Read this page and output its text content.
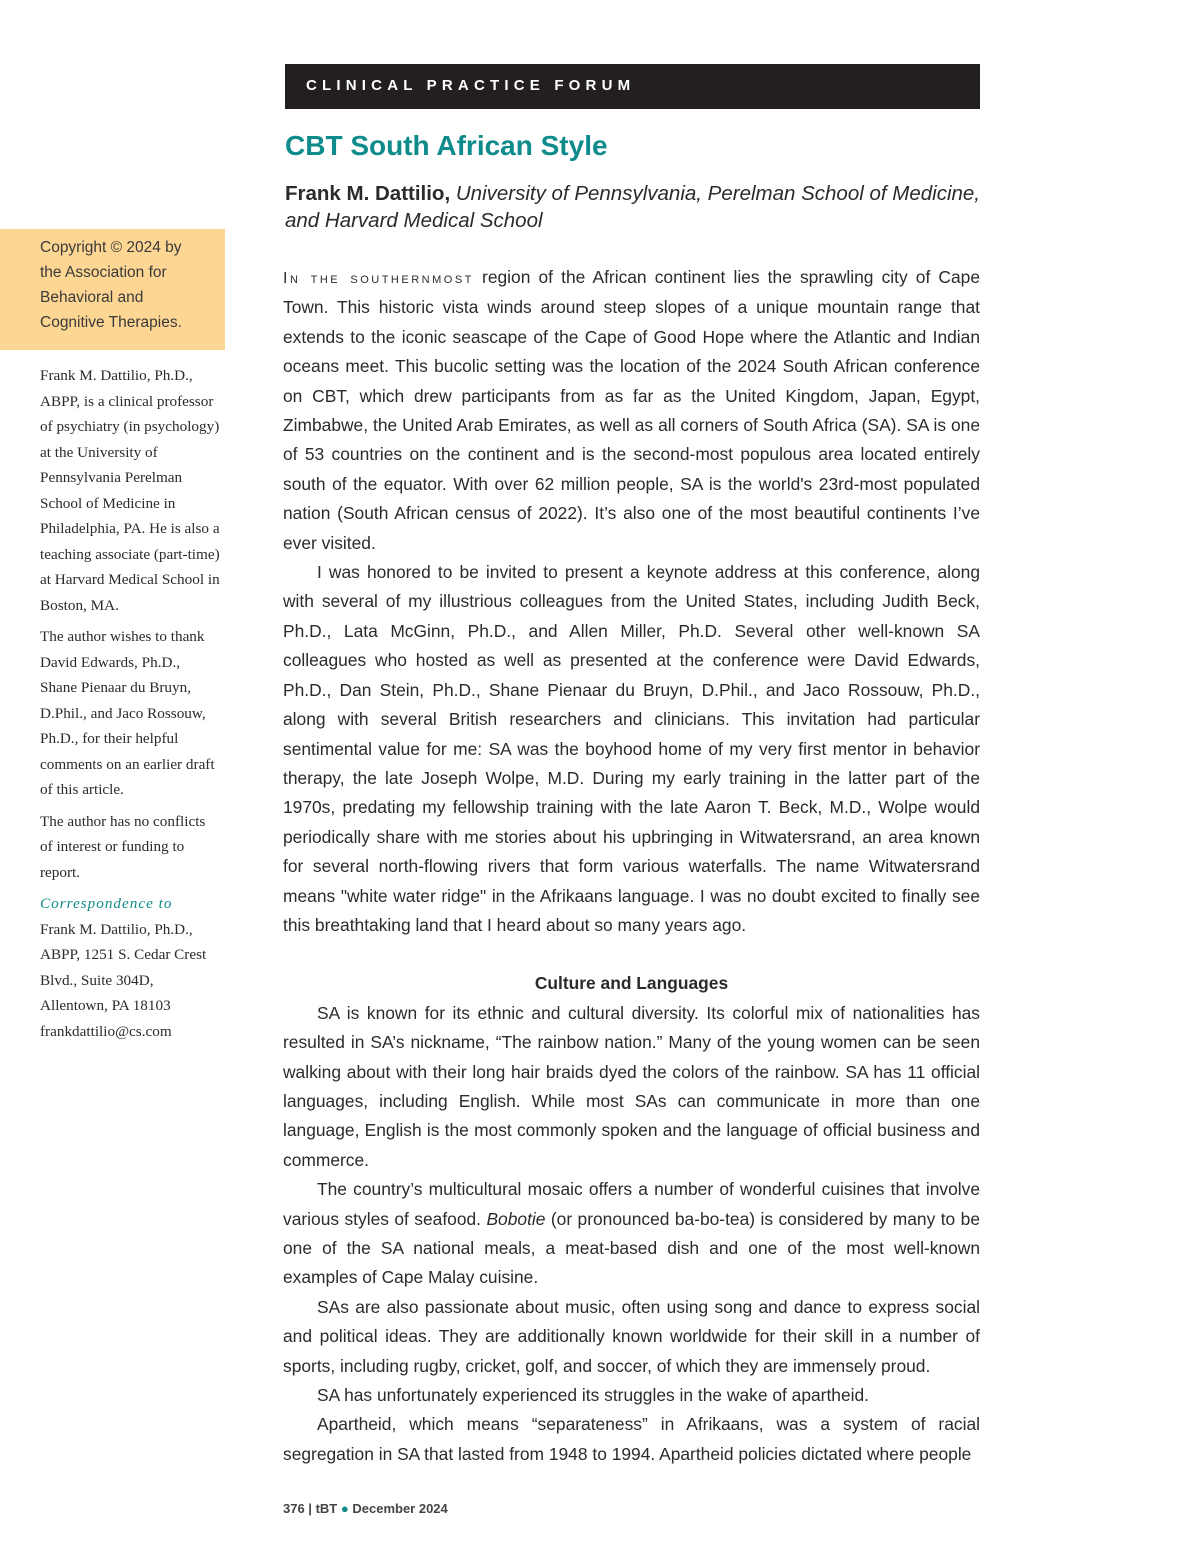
CLINICAL PRACTICE FORUM
CBT South African Style
Frank M. Dattilio, University of Pennsylvania, Perelman School of Medicine, and Harvard Medical School
Copyright © 2024 by the Association for Behavioral and Cognitive Therapies.

Frank M. Dattilio, Ph.D., ABPP, is a clinical professor of psychiatry (in psychology) at the University of Pennsylvania Perelman School of Medicine in Philadelphia, PA. He is also a teaching associate (part-time) at Harvard Medical School in Boston, MA.

The author wishes to thank David Edwards, Ph.D., Shane Pienaar du Bruyn, D.Phil., and Jaco Rossouw, Ph.D., for their helpful comments on an earlier draft of this article.

The author has no conflicts of interest or funding to report.

Correspondence to

Frank M. Dattilio, Ph.D., ABPP, 1251 S. Cedar Crest Blvd., Suite 304D, Allentown, PA 18103
frankdattilio@cs.com

In the southernmost region of the African continent lies the sprawling city of Cape Town. This historic vista winds around steep slopes of a unique mountain range that extends to the iconic seascape of the Cape of Good Hope where the Atlantic and Indian oceans meet. This bucolic setting was the location of the 2024 South African conference on CBT, which drew participants from as far as the United Kingdom, Japan, Egypt, Zimbabwe, the United Arab Emirates, as well as all corners of South Africa (SA). SA is one of 53 countries on the continent and is the second-most populous area located entirely south of the equator. With over 62 million people, SA is the world's 23rd-most populated nation (South African census of 2022). It’s also one of the most beautiful continents I’ve ever visited.

I was honored to be invited to present a keynote address at this conference, along with several of my illustrious colleagues from the United States, including Judith Beck, Ph.D., Lata McGinn, Ph.D., and Allen Miller, Ph.D. Several other well-known SA colleagues who hosted as well as presented at the conference were David Edwards, Ph.D., Dan Stein, Ph.D., Shane Pienaar du Bruyn, D.Phil., and Jaco Rossouw, Ph.D., along with several British researchers and clinicians. This invitation had particular sentimental value for me: SA was the boyhood home of my very first mentor in behavior therapy, the late Joseph Wolpe, M.D. During my early training in the latter part of the 1970s, predating my fellowship training with the late Aaron T. Beck, M.D., Wolpe would periodically share with me stories about his upbringing in Witwatersrand, an area known for several north-flowing rivers that form various waterfalls. The name Witwatersrand means "white water ridge" in the Afrikaans language. I was no doubt excited to finally see this breathtaking land that I heard about so many years ago.

Culture and Languages

SA is known for its ethnic and cultural diversity. Its colorful mix of nationalities has resulted in SA’s nickname, “The rainbow nation.” Many of the young women can be seen walking about with their long hair braids dyed the colors of the rainbow. SA has 11 official languages, including English. While most SAs can communicate in more than one language, English is the most commonly spoken and the language of official business and commerce.

The country’s multicultural mosaic offers a number of wonderful cuisines that involve various styles of seafood. Bobotie (or pronounced ba-bo-tea) is considered by many to be one of the SA national meals, a meat-based dish and one of the most well-known examples of Cape Malay cuisine.

SAs are also passionate about music, often using song and dance to express social and political ideas. They are additionally known worldwide for their skill in a number of sports, including rugby, cricket, golf, and soccer, of which they are immensely proud.

SA has unfortunately experienced its struggles in the wake of apartheid.

Apartheid, which means “separateness” in Afrikaans, was a system of racial segregation in SA that lasted from 1948 to 1994. Apartheid policies dictated where people

376 | tBT ● December 2024
